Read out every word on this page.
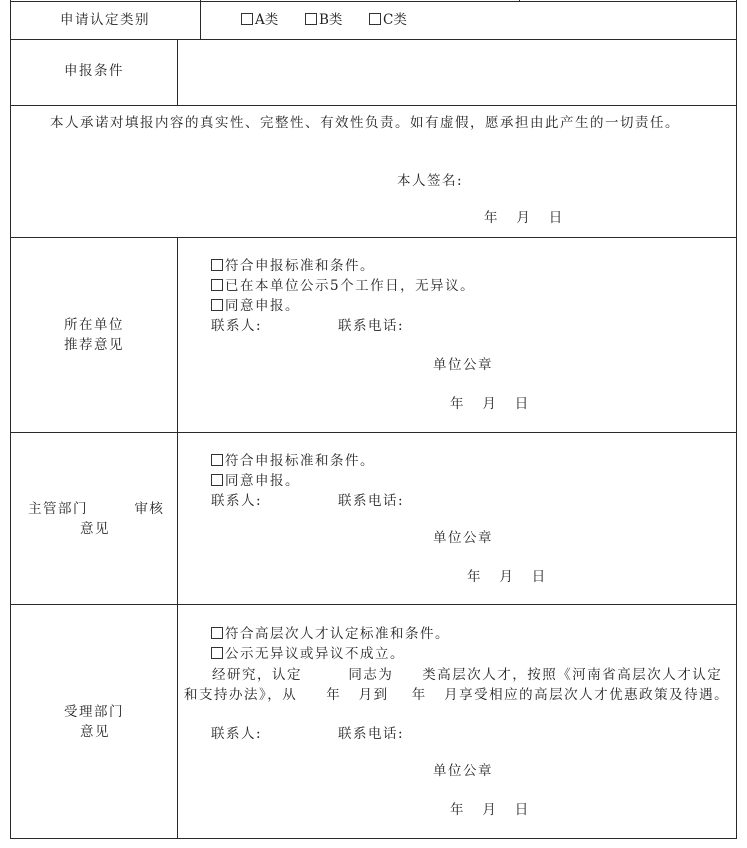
申请认定类别	A类	B类	C类
申报条件
本人承诺对填报内容的真实性、完整性、有效性负责。如有虚假，愿承担由此产生的一切责任。
本人签名:
年   月   日
所在单位
推荐意见
符合申报标准和条件。
已在本单位公示5个工作日，无异议。
同意申报。
联系人:	联系电话:
单位公章
年   月   日
主管部门        审核
意见
符合申报标准和条件。
同意申报。
联系人:	联系电话:
单位公章
年   月   日
受理部门
意见
符合高层次人才认定标准和条件。
公示无异议或异议不成立。
经研究，认定        同志为     类高层次人才，按照《河南省高层次人才认定和支持办法》，从     年   月到    年   月享受相应的高层次人才优惠政策及待遇。
联系人:	联系电话:
单位公章
年   月   日
